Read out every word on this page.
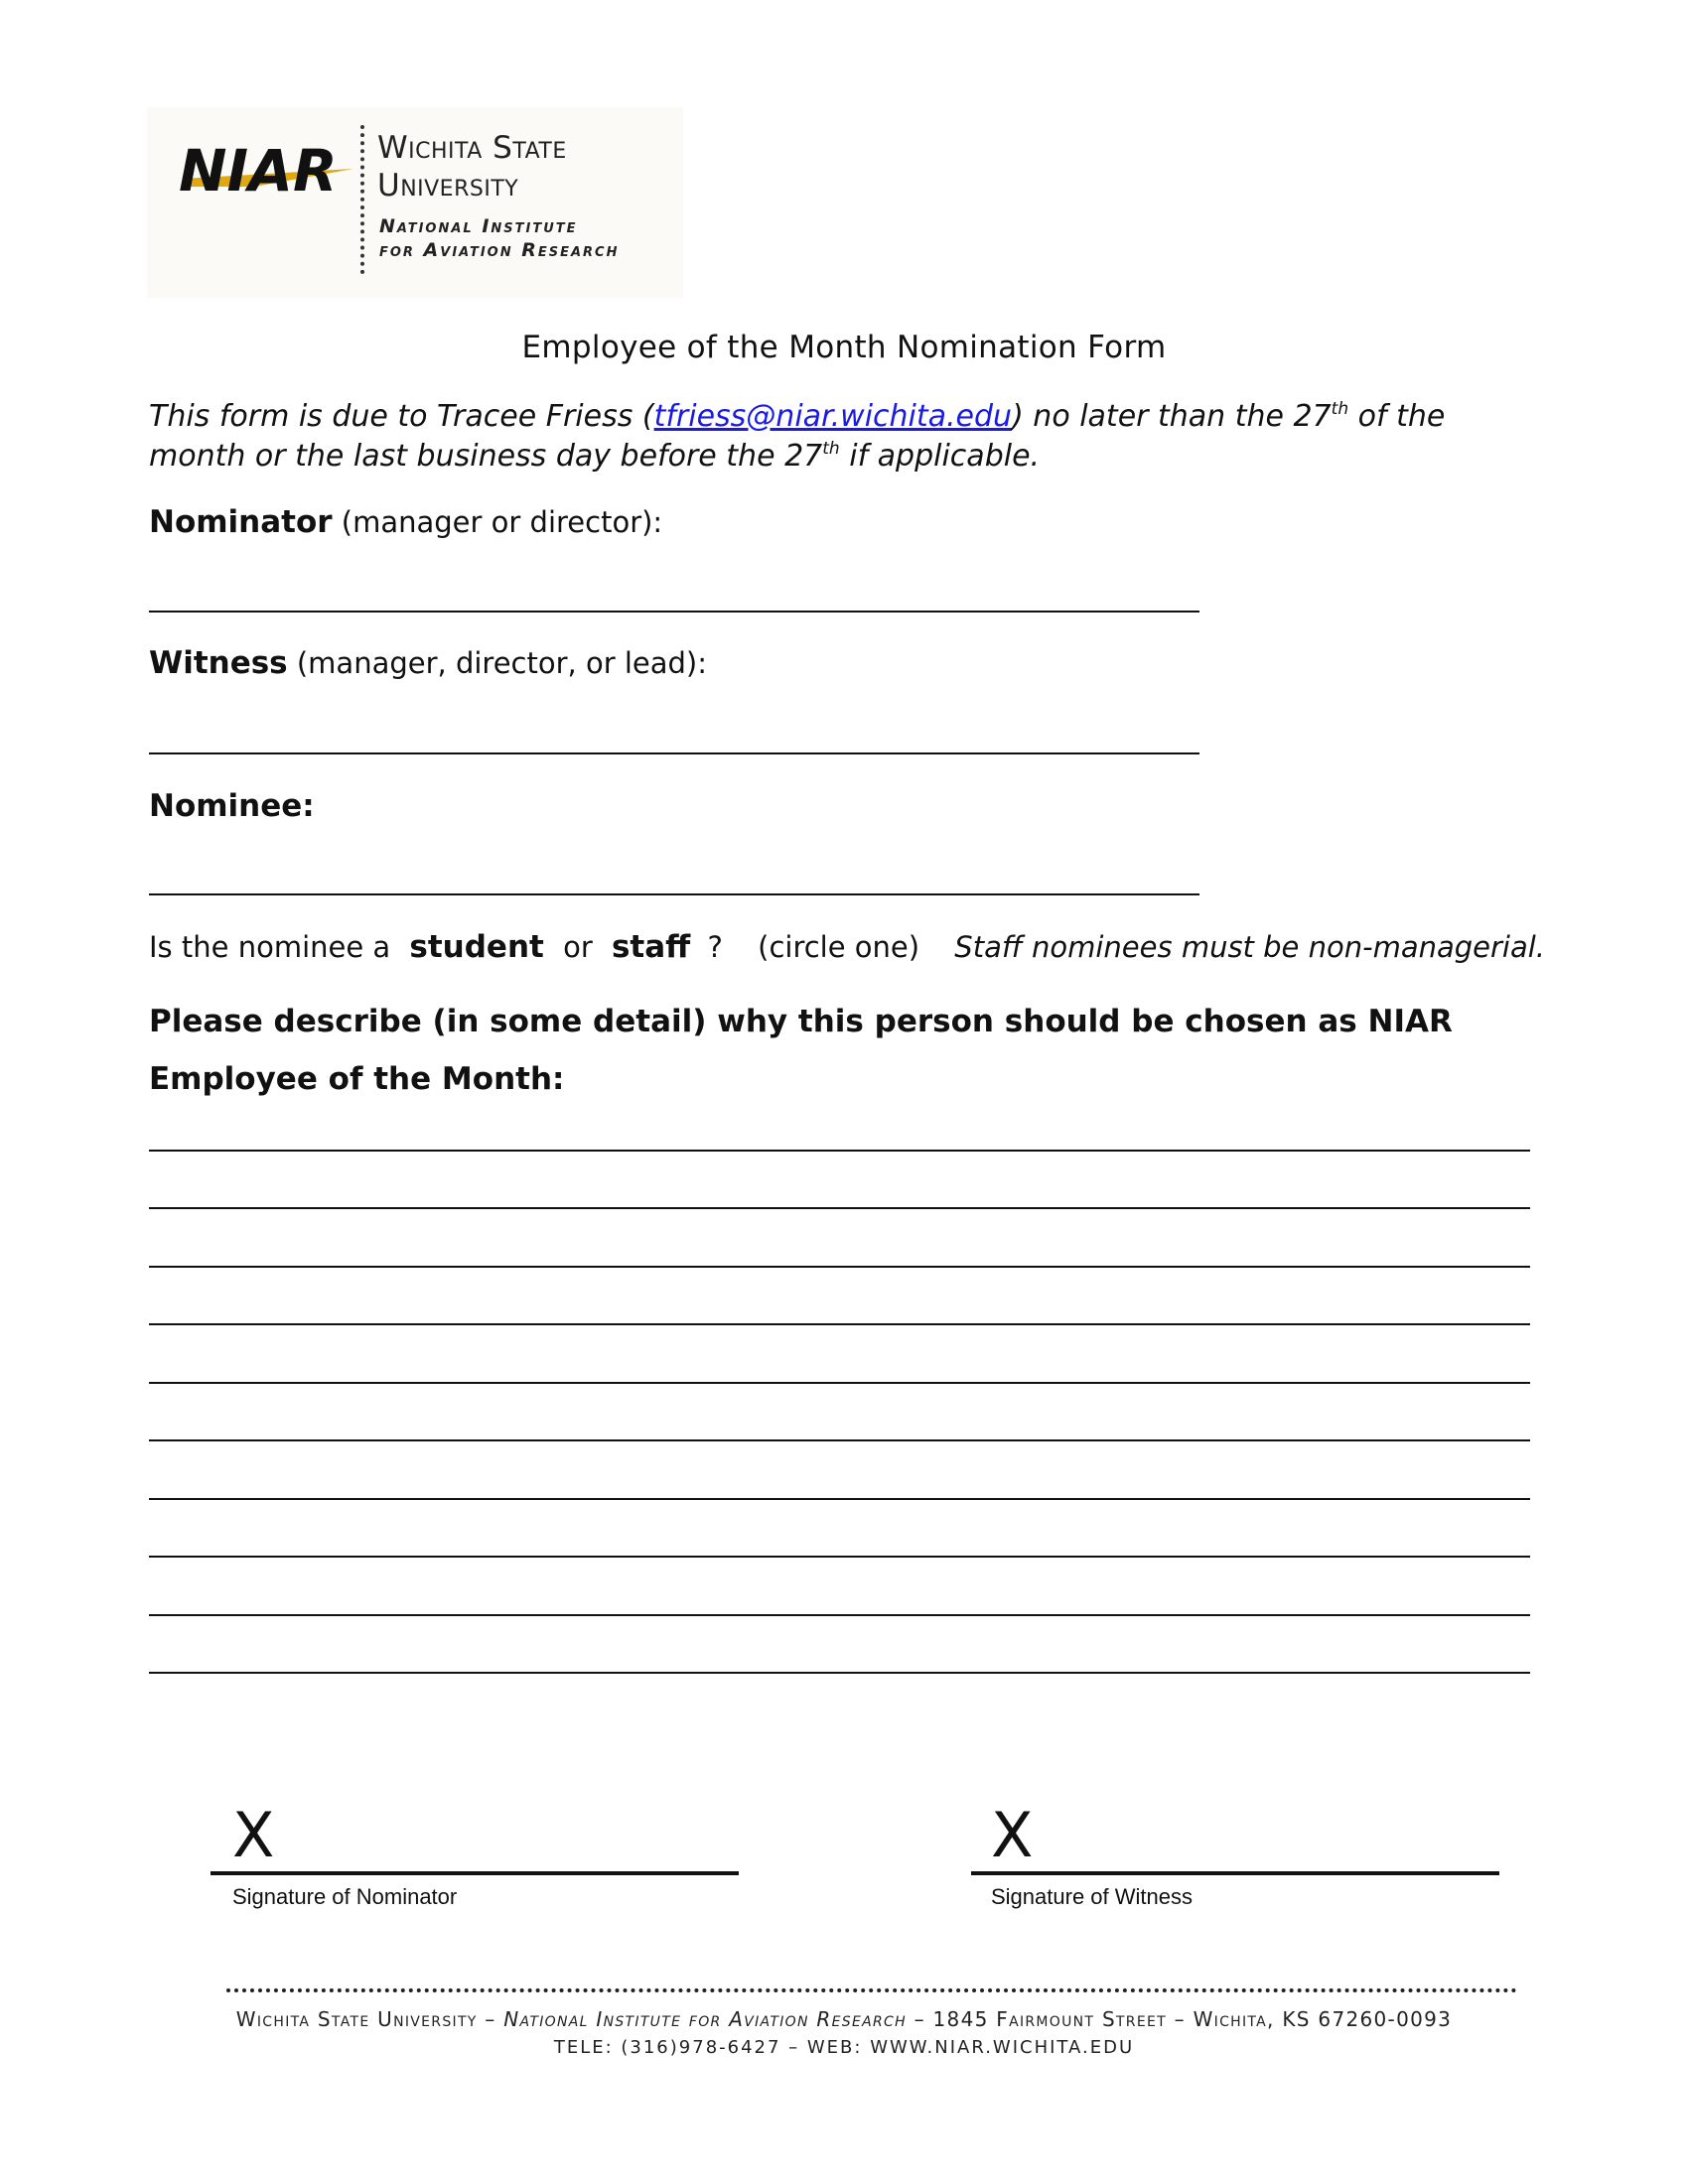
NIAR Wichita State
University
National Institute
for Aviation Research
Employee of the Month Nomination Form
This form is due to Tracee Friess (tfriess@niar.wichita.edu) no later than the 27th of the month or the last business day before the 27th if applicable.
Nominator (manager or director):
Witness (manager, director, or lead):
Nominee:
Is the nominee a student or staff ? (circle one) Staff nominees must be non-managerial.
Please describe (in some detail) why this person should be chosen as NIAR Employee of the Month:
X
Signature of Nominator
X
Signature of Witness
Wichita State University – National Institute for Aviation Research – 1845 Fairmount Street – Wichita, KS 67260-0093
TELE: (316)978-6427 – WEB: WWW.NIAR.WICHITA.EDU
